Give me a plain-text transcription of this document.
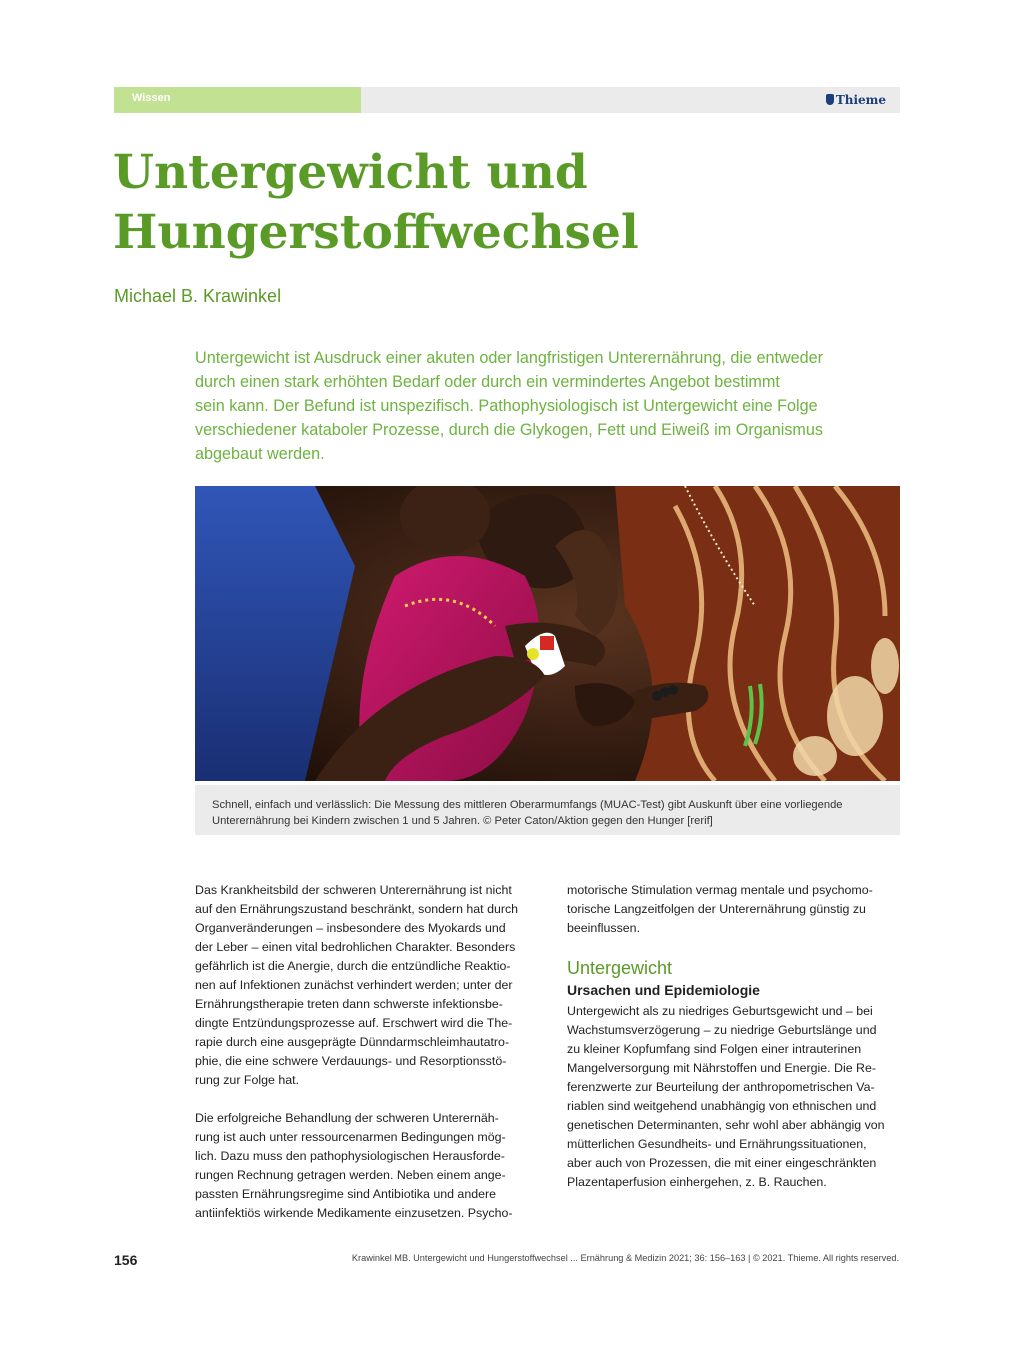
Wissen	Thieme
Untergewicht und
Hungerstoffwechsel
Michael B. Krawinkel

Untergewicht ist Ausdruck einer akuten oder langfristigen Unterernährung, die entweder
durch einen stark erhöhten Bedarf oder durch ein vermindertes Angebot bestimmt
sein kann. Der Befund ist unspezifisch. Pathophysiologisch ist Untergewicht eine Folge
verschiedener kataboler Prozesse, durch die Glykogen, Fett und Eiweiß im Organismus
abgebaut werden.

Schnell, einfach und verlässlich: Die Messung des mittleren Oberarmumfangs (MUAC-Test) gibt Auskunft über eine vorliegende
Unterernährung bei Kindern zwischen 1 und 5 Jahren. © Peter Caton/Aktion gegen den Hunger [rerif]

Das Krankheitsbild der schweren Unterernährung ist nicht
auf den Ernährungszustand beschränkt, sondern hat durch
Organveränderungen – insbesondere des Myokards und
der Leber – einen vital bedrohlichen Charakter. Besonders
gefährlich ist die Anergie, durch die entzündliche Reaktio-
nen auf Infektionen zunächst verhindert werden; unter der
Ernährungstherapie treten dann schwerste infektionsbe-
dingte Entzündungsprozesse auf. Erschwert wird die The-
rapie durch eine ausgeprägte Dünndarmschleimhautatro-
phie, die eine schwere Verdauungs- und Resorptionsstö-
rung zur Folge hat.

Die erfolgreiche Behandlung der schweren Unterernäh-
rung ist auch unter ressourcenarmen Bedingungen mög-
lich. Dazu muss den pathophysiologischen Herausforde-
rungen Rechnung getragen werden. Neben einem ange-
passten Ernährungsregime sind Antibiotika und andere
antiinfektiös wirkende Medikamente einzusetzen. Psycho-

motorische Stimulation vermag mentale und psychomo-
torische Langzeitfolgen der Unterernährung günstig zu
beeinflussen.

Untergewicht
Ursachen und Epidemiologie

Untergewicht als zu niedriges Geburtsgewicht und – bei
Wachstumsverzögerung – zu niedrige Geburtslänge und
zu kleiner Kopfumfang sind Folgen einer intrauterinen
Mangelversorgung mit Nährstoffen und Energie. Die Re-
ferenzwerte zur Beurteilung der anthropometrischen Va-
riablen sind weitgehend unabhängig von ethnischen und
genetischen Determinanten, sehr wohl aber abhängig von
mütterlichen Gesundheits- und Ernährungssituationen,
aber auch von Prozessen, die mit einer eingeschränkten
Plazentaperfusion einhergehen, z. B. Rauchen.

156	Krawinkel MB. Untergewicht und Hungerstoffwechsel ... Ernährung & Medizin 2021; 36: 156–163 | © 2021. Thieme. All rights reserved.
